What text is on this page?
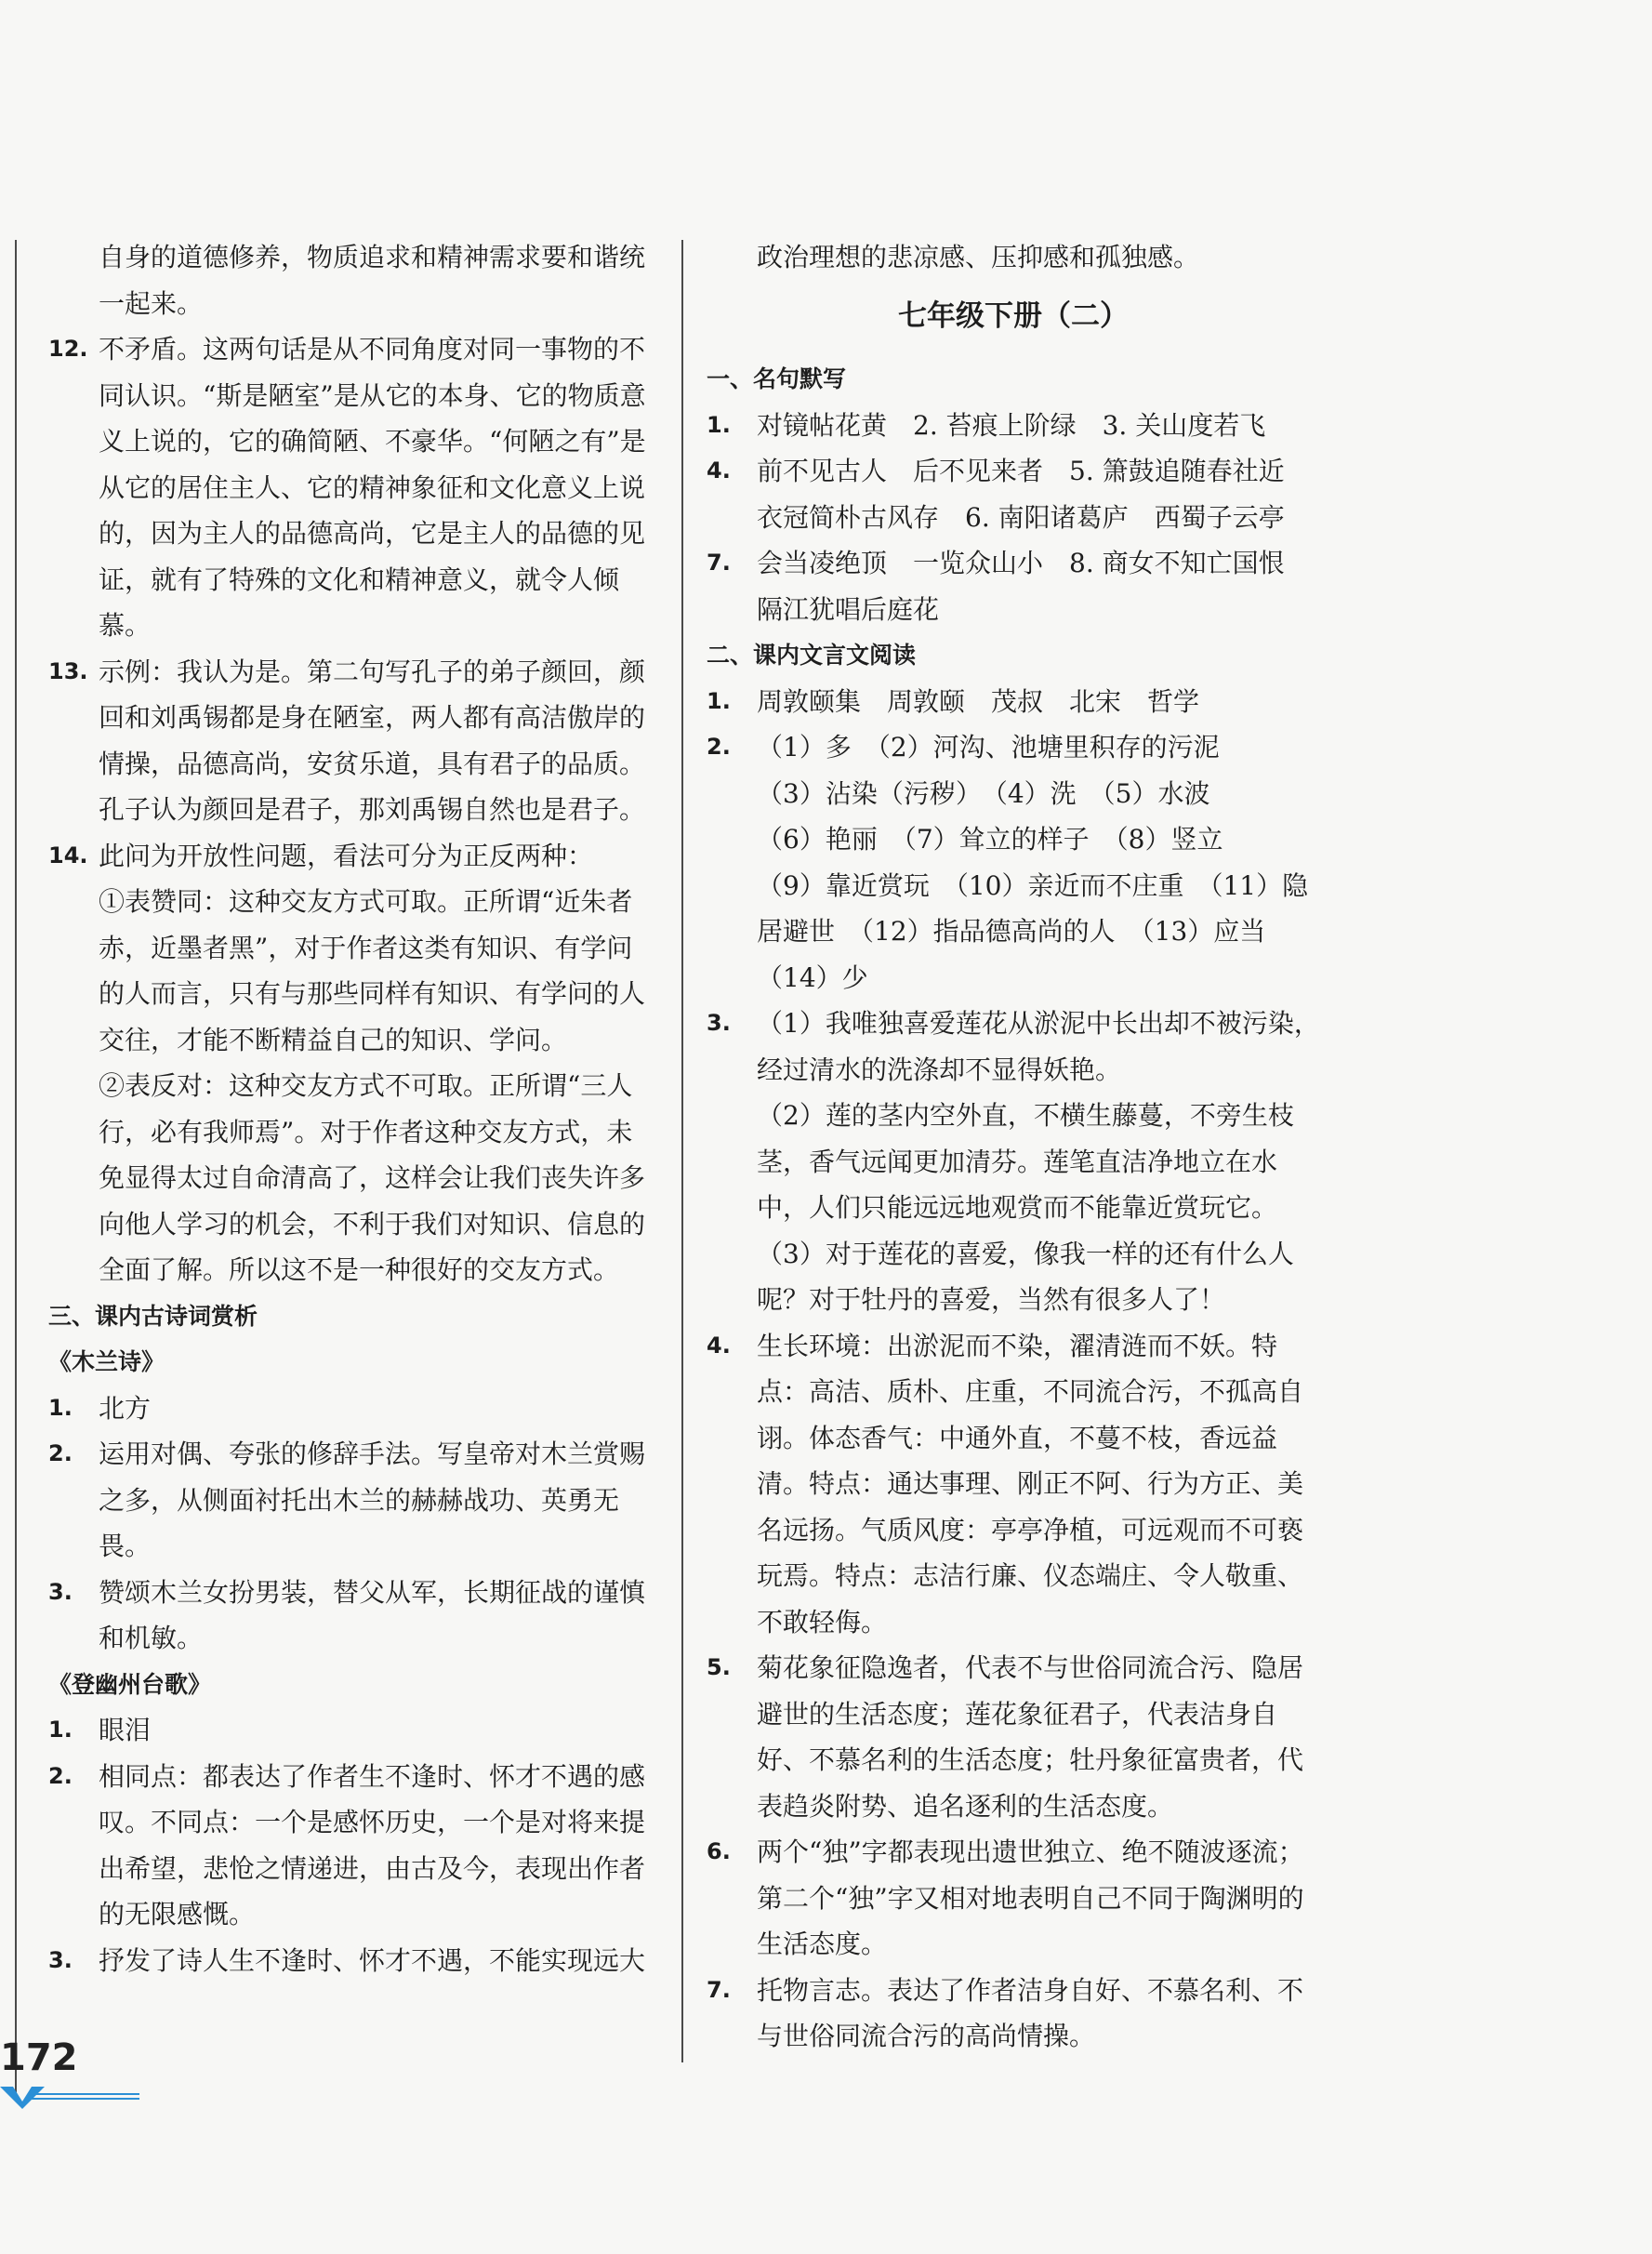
自身的道德修养，物质追求和精神需求要和谐统一起来。
12. 不矛盾。这两句话是从不同角度对同一事物的不同认识。“斯是陋室”是从它的本身、它的物质意义上说的，它的确简陋、不豪华。“何陋之有”是从它的居住主人、它的精神象征和文化意义上说的，因为主人的品德高尚，它是主人的品德的见证，就有了特殊的文化和精神意义，就令人倾慕。
13. 示例：我认为是。第二句写孔子的弟子颜回，颜回和刘禹锡都是身在陋室，两人都有高洁傲岸的情操，品德高尚，安贫乐道，具有君子的品质。孔子认为颜回是君子，那刘禹锡自然也是君子。
14. 此问为开放性问题，看法可分为正反两种：
①表赞同：这种交友方式可取。正所谓“近朱者赤，近墨者黑”，对于作者这类有知识、有学问的人而言，只有与那些同样有知识、有学问的人交往，才能不断精益自己的知识、学问。
②表反对：这种交友方式不可取。正所谓“三人行，必有我师焉”。对于作者这种交友方式，未免显得太过自命清高了，这样会让我们丧失许多向他人学习的机会，不利于我们对知识、信息的全面了解。所以这不是一种很好的交友方式。
三、课内古诗词赏析
《木兰诗》
1.	北方
2.	运用对偶、夸张的修辞手法。写皇帝对木兰赏赐之多，从侧面衬托出木兰的赫赫战功、英勇无畏。
3.	赞颂木兰女扮男装，替父从军，长期征战的谨慎和机敏。
《登幽州台歌》
1.	眼泪
2.	相同点：都表达了作者生不逢时、怀才不遇的感叹。不同点：一个是感怀历史，一个是对将来提出希望，悲怆之情递进，由古及今，表现出作者的无限感慨。
3.	抒发了诗人生不逢时、怀才不遇，不能实现远大
政治理想的悲凉感、压抑感和孤独感。
七年级下册（二）
一、名句默写
1.	对镜帖花黄　2. 苔痕上阶绿　3. 关山度若飞
4.	前不见古人　后不见来者　5. 箫鼓追随春社近　衣冠简朴古风存　6. 南阳诸葛庐　西蜀子云亭
7.	会当凌绝顶　一览众山小　8. 商女不知亡国恨　隔江犹唱后庭花
二、课内文言文阅读
1.	周敦颐集　周敦颐　茂叔　北宋　哲学
2.	（1）多　（2）河沟、池塘里积存的污泥
（3）沾染（污秽）　（4）洗　（5）水波
（6）艳丽　（7）耸立的样子　（8）竖立
（9）靠近赏玩　（10）亲近而不庄重　（11）隐居避世　（12）指品德高尚的人　（13）应当
（14）少
3.	（1）我唯独喜爱莲花从淤泥中长出却不被污染，经过清水的洗涤却不显得妖艳。
（2）莲的茎内空外直，不横生藤蔓，不旁生枝茎，香气远闻更加清芬。莲笔直洁净地立在水中，人们只能远远地观赏而不能靠近赏玩它。
（3）对于莲花的喜爱，像我一样的还有什么人呢？对于牡丹的喜爱，当然有很多人了！
4.	生长环境：出淤泥而不染，濯清涟而不妖。特点：高洁、质朴、庄重，不同流合污，不孤高自诩。体态香气：中通外直，不蔓不枝，香远益清。特点：通达事理、刚正不阿、行为方正、美名远扬。气质风度：亭亭净植，可远观而不可亵玩焉。特点：志洁行廉、仪态端庄、令人敬重、不敢轻侮。
5.	菊花象征隐逸者，代表不与世俗同流合污、隐居避世的生活态度；莲花象征君子，代表洁身自好、不慕名利的生活态度；牡丹象征富贵者，代表趋炎附势、追名逐利的生活态度。
6.	两个“独”字都表现出遗世独立、绝不随波逐流；第二个“独”字又相对地表明自己不同于陶渊明的生活态度。
7.	托物言志。表达了作者洁身自好、不慕名利、不与世俗同流合污的高尚情操。
172
